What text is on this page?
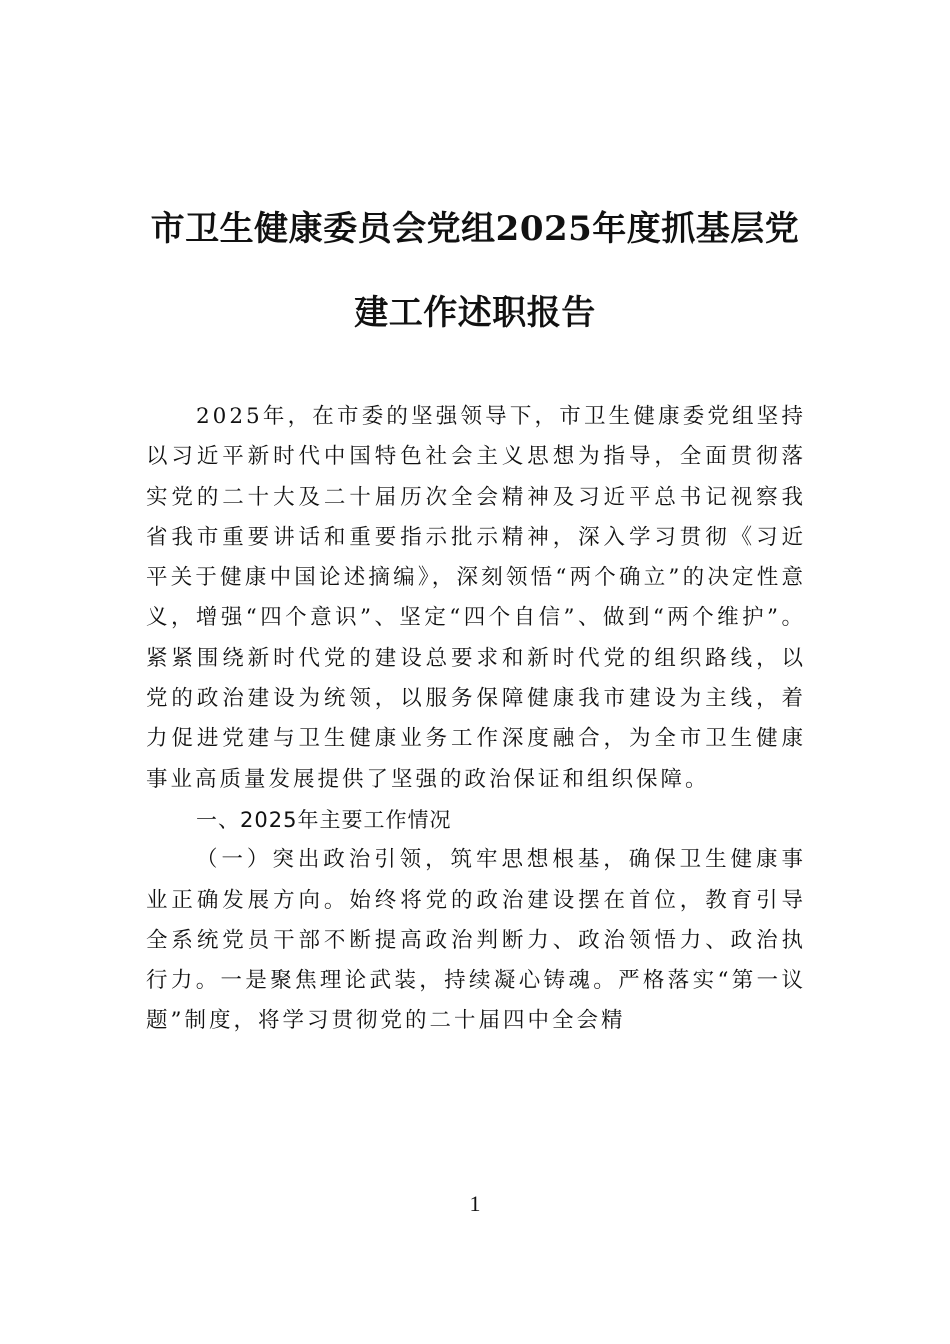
市卫生健康委员会党组2025年度抓基层党
建工作述职报告

2025年，在市委的坚强领导下，市卫生健康委党组坚持以习近平新时代中国特色社会主义思想为指导，全面贯彻落实党的二十大及二十届历次全会精神及习近平总书记视察我省我市重要讲话和重要指示批示精神，深入学习贯彻《习近平关于健康中国论述摘编》，深刻领悟“两个确立”的决定性意义，增强“四个意识”、坚定“四个自信”、做到“两个维护”。紧紧围绕新时代党的建设总要求和新时代党的组织路线，以党的政治建设为统领，以服务保障健康我市建设为主线，着力促进党建与卫生健康业务工作深度融合，为全市卫生健康事业高质量发展提供了坚强的政治保证和组织保障。

一、2025年主要工作情况

（一）突出政治引领，筑牢思想根基，确保卫生健康事业正确发展方向。始终将党的政治建设摆在首位，教育引导全系统党员干部不断提高政治判断力、政治领悟力、政治执行力。一是聚焦理论武装，持续凝心铸魂。严格落实“第一议题”制度，将学习贯彻党的二十届四中全会精

1
